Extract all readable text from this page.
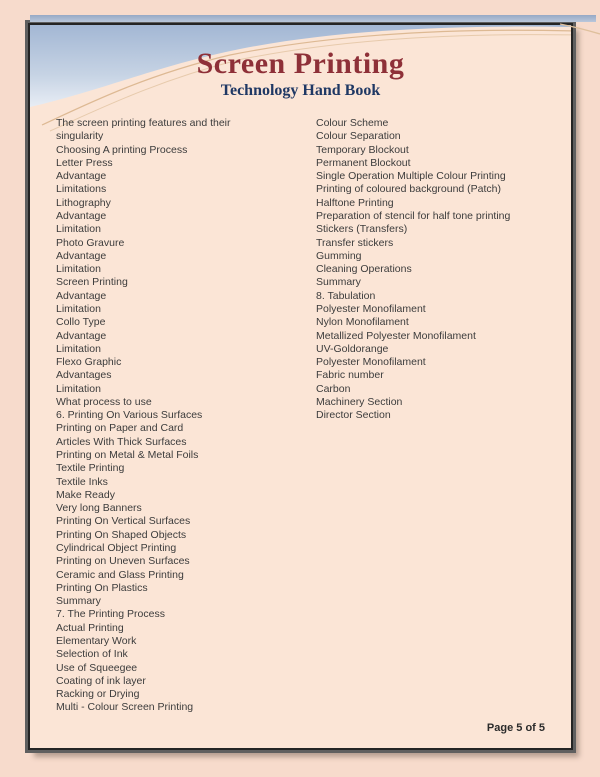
Screen Printing
Technology Hand Book
The screen printing features and their
singularity
Choosing A printing Process
Letter Press
Advantage
Limitations
Lithography
Advantage
Limitation
Photo Gravure
Advantage
Limitation
Screen Printing
Advantage
Limitation
Collo Type
Advantage
Limitation
Flexo Graphic
Advantages
Limitation
What process to use
6. Printing On Various Surfaces
Printing on Paper and Card
Articles With Thick Surfaces
Printing on Metal & Metal Foils
Textile Printing
Textile Inks
Make Ready
Very long Banners
Printing On Vertical Surfaces
Printing On Shaped Objects
Cylindrical Object Printing
Printing on Uneven Surfaces
Ceramic and Glass Printing
Printing On Plastics
Summary
7. The Printing Process
Actual Printing
Elementary Work
Selection of Ink
Use of Squeegee
Coating of ink layer
Racking or Drying
Multi - Colour Screen Printing
Colour Scheme
Colour Separation
Temporary Blockout
Permanent Blockout
Single Operation Multiple Colour Printing
Printing of coloured background (Patch)
Halftone Printing
Preparation of stencil for half tone printing
Stickers (Transfers)
Transfer stickers
Gumming
Cleaning Operations
Summary
8. Tabulation
Polyester Monofilament
Nylon Monofilament
Metallized Polyester Monofilament
UV-Goldorange
Polyester Monofilament
Fabric number
Carbon
Machinery Section
Director Section
Page 5 of 5
